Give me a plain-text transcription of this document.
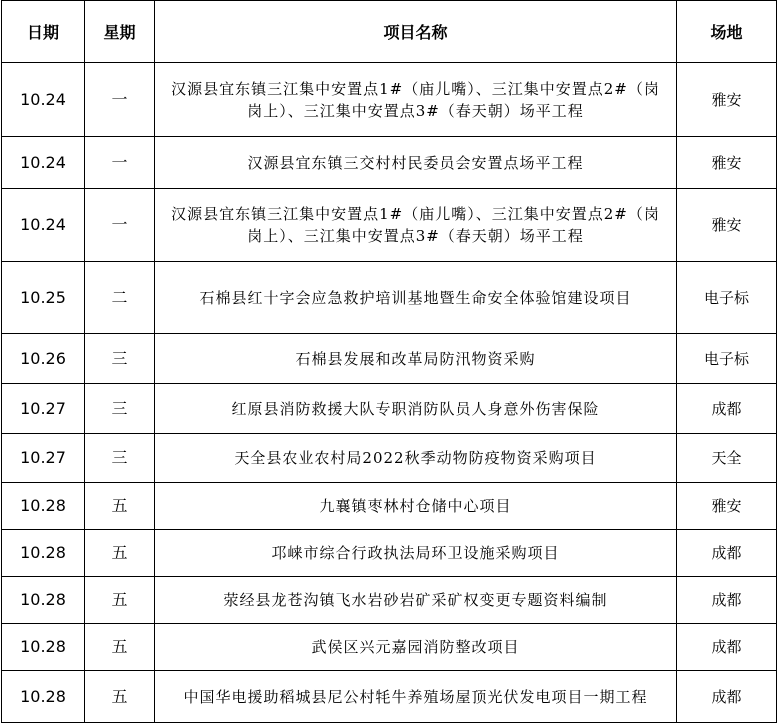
日期	星期	项目名称	场地
10.24	一	汉源县宜东镇三江集中安置点1#（庙儿嘴）、三江集中安置点2#（岗岗上）、三江集中安置点3#（春天朝）场平工程	雅安
10.24	一	汉源县宜东镇三交村村民委员会安置点场平工程	雅安
10.24	一	汉源县宜东镇三江集中安置点1#（庙儿嘴）、三江集中安置点2#（岗岗上）、三江集中安置点3#（春天朝）场平工程	雅安
10.25	二	石棉县红十字会应急救护培训基地暨生命安全体验馆建设项目	电子标
10.26	三	石棉县发展和改革局防汛物资采购	电子标
10.27	三	红原县消防救援大队专职消防队员人身意外伤害保险	成都
10.27	三	天全县农业农村局2022秋季动物防疫物资采购项目	天全
10.28	五	九襄镇枣林村仓储中心项目	雅安
10.28	五	邛崃市综合行政执法局环卫设施采购项目	成都
10.28	五	荥经县龙苍沟镇飞水岩砂岩矿采矿权变更专题资料编制	成都
10.28	五	武侯区兴元嘉园消防整改项目	成都
10.28	五	中国华电援助稻城县尼公村牦牛养殖场屋顶光伏发电项目一期工程	成都
